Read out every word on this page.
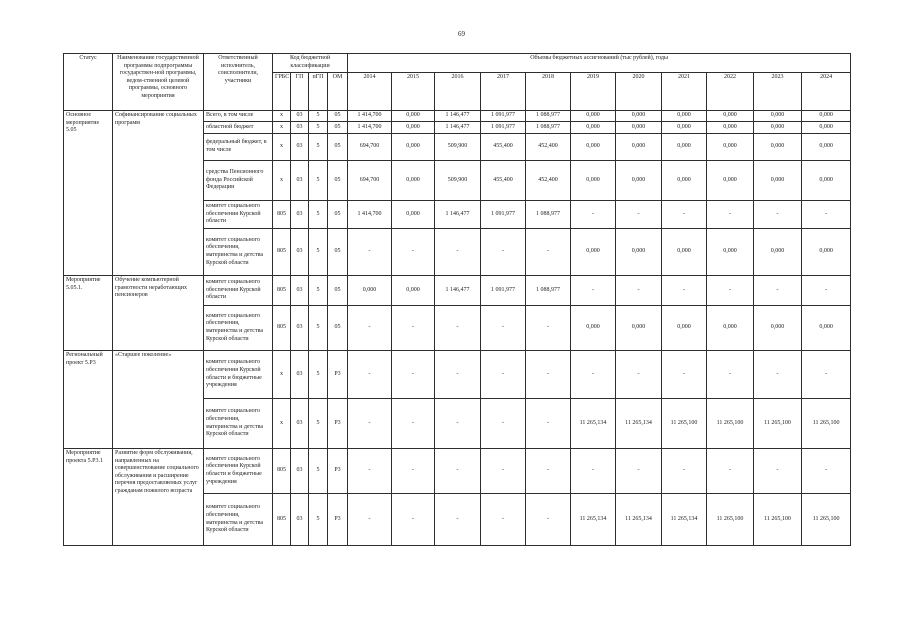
69
Статус	Наименование государственной программы подпрограммы государствен-ной программы, ведом-ственной целевой программы, основного мероприятия	Ответственный исполнитель, соисполнители, участники	Код бюджетной классификации				Объемы бюджетных ассигнований (тыс рублей), годы										
			ГРБС	ГП	пГП	ОМ	2014	2015	2016	2017	2018	2019	2020	2021	2022	2023	2024
Основное мероприятие 5.05	Софинансирование социальных программ	Всего, в том числе	x	03	5	05	1 414,700	0,000	1 146,477	1 091,977	1 088,977	0,000	0,000	0,000	0,000	0,000	0,000
		областной бюджет	x	03	5	05	1 414,700	0,000	1 146,477	1 091,977	1 088,977	0,000	0,000	0,000	0,000	0,000	0,000
		федеральный бюджет, в том числе	x	03	5	05	694,700	0,000	509,900	455,400	452,400	0,000	0,000	0,000	0,000	0,000	0,000
		средства Пенсионного фонда Российской Федерации	x	03	5	05	694,700	0,000	509,900	455,400	452,400	0,000	0,000	0,000	0,000	0,000	0,000
		комитет социального обеспечения Курской области	805	03	5	05	1 414,700	0,000	1 146,477	1 091,977	1 088,977	-	-	-	-	-	-
		комитет социального обеспечения, материнства и детства Курской области	805	03	5	05	-	-	-	-	-	0,000	0,000	0,000	0,000	0,000	0,000
Мероприятие 5.05.1.	Обучение компьютерной грамотности неработающих пенсионеров	комитет социального обеспечения Курской области	805	03	5	05	0,000	0,000	1 146,477	1 091,977	1 088,977	-	-	-	-	-	-
		комитет социального обеспечения, материнства и детства Курской области	805	03	5	05	-	-	-	-	-	0,000	0,000	0,000	0,000	0,000	0,000
Региональный проект 5.P3	«Старшее поколение»	комитет социального обеспечения Курской области и бюджетные учреждения	x	03	5	P3	-	-	-	-	-	-	-	-	-	-	-
		комитет социального обеспечения, материнства и детства Курской области	x	03	5	P3	-	-	-	-	-	11 265,134	11 265,134	11 265,100	11 265,100	11 265,100	11 265,100
Мероприятие проекта 5.P3.1	Развитие форм обслуживания, направленных на совершенствование социального обслуживания и расширение перечня предоставляемых услуг гражданам пожилого возраста	комитет социального обеспечения Курской области и бюджетные учреждения	805	03	5	P3	-	-	-	-	-	-	-	-	-	-	-
		комитет социального обеспечения, материнства и детства Курской области	805	03	5	P3	-	-	-	-	-	11 265,134	11 265,134	11 265,134	11 265,100	11 265,100	11 265,100
